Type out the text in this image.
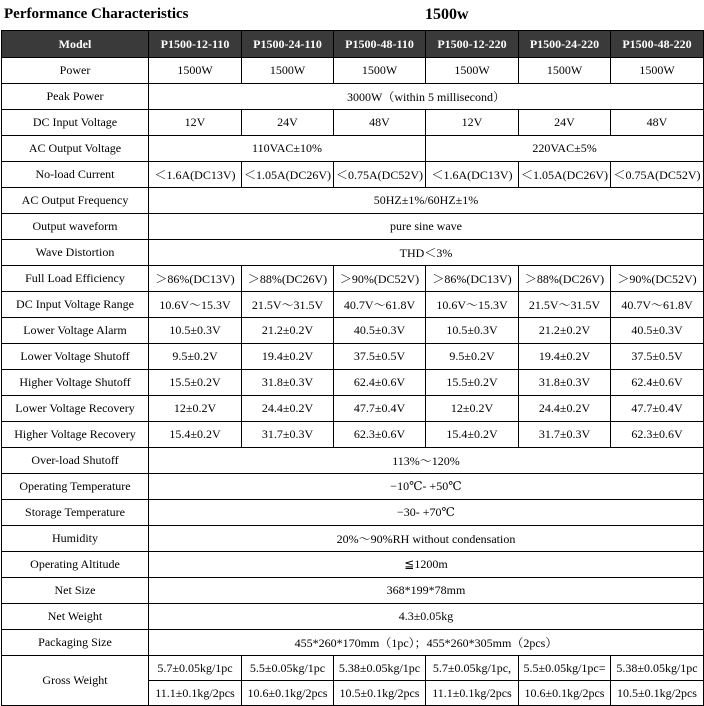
Performance Characteristics	1500w
Model	P1500-12-110	P1500-24-110	P1500-48-110	P1500-12-220	P1500-24-220	P1500-48-220
Power	1500W	1500W	1500W	1500W	1500W	1500W
Peak Power	3000W（within 5 millisecond）					
DC Input Voltage	12V	24V	48V	12V	24V	48V
AC Output Voltage	110VAC±10%			220VAC±5%		
No-load Current	＜1.6A(DC13V)	＜1.05A(DC26V)	＜0.75A(DC52V)	＜1.6A(DC13V)	＜1.05A(DC26V)	＜0.75A(DC52V)
AC Output Frequency	50HZ±1%/60HZ±1%					
Output waveform	pure sine wave					
Wave Distortion	THD＜3%					
Full Load Efficiency	＞86%(DC13V)	＞88%(DC26V)	＞90%(DC52V)	＞86%(DC13V)	＞88%(DC26V)	＞90%(DC52V)
DC Input Voltage Range	10.6V～15.3V	21.5V～31.5V	40.7V～61.8V	10.6V～15.3V	21.5V～31.5V	40.7V～61.8V
Lower Voltage Alarm	10.5±0.3V	21.2±0.2V	40.5±0.3V	10.5±0.3V	21.2±0.2V	40.5±0.3V
Lower Voltage Shutoff	9.5±0.2V	19.4±0.2V	37.5±0.5V	9.5±0.2V	19.4±0.2V	37.5±0.5V
Higher Voltage Shutoff	15.5±0.2V	31.8±0.3V	62.4±0.6V	15.5±0.2V	31.8±0.3V	62.4±0.6V
Lower Voltage Recovery	12±0.2V	24.4±0.2V	47.7±0.4V	12±0.2V	24.4±0.2V	47.7±0.4V
Higher Voltage Recovery	15.4±0.2V	31.7±0.3V	62.3±0.6V	15.4±0.2V	31.7±0.3V	62.3±0.6V
Over-load Shutoff	113%～120%					
Operating Temperature	−10℃- +50℃					
Storage Temperature	−30- +70℃					
Humidity	20%～90%RH without condensation					
Operating Altitude	≦1200m					
Net Size	368*199*78mm					
Net Weight	4.3±0.05kg					
Packaging Size	455*260*170mm（1pc）；455*260*305mm（2pcs）					
Gross Weight	5.7±0.05kg/1pc	5.5±0.05kg/1pc	5.38±0.05kg/1pc	5.7±0.05kg/1pc,	5.5±0.05kg/1pc=	5.38±0.05kg/1pc
	11.1±0.1kg/2pcs	10.6±0.1kg/2pcs	10.5±0.1kg/2pcs	11.1±0.1kg/2pcs	10.6±0.1kg/2pcs	10.5±0.1kg/2pcs
